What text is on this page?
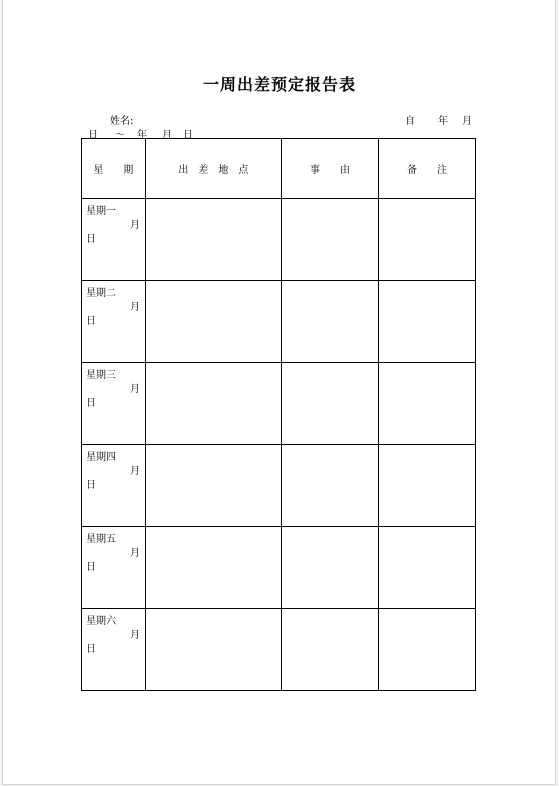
一周出差预定报告表
姓名:	自 年 月
日 〜 年 月 日
星　　期	出　差　地　点	事　　由	备　　注

星期一
月
日			

星期二
月
日			

星期三
月
日			

星期四
月
日			

星期五
月
日			

星期六
月
日			
